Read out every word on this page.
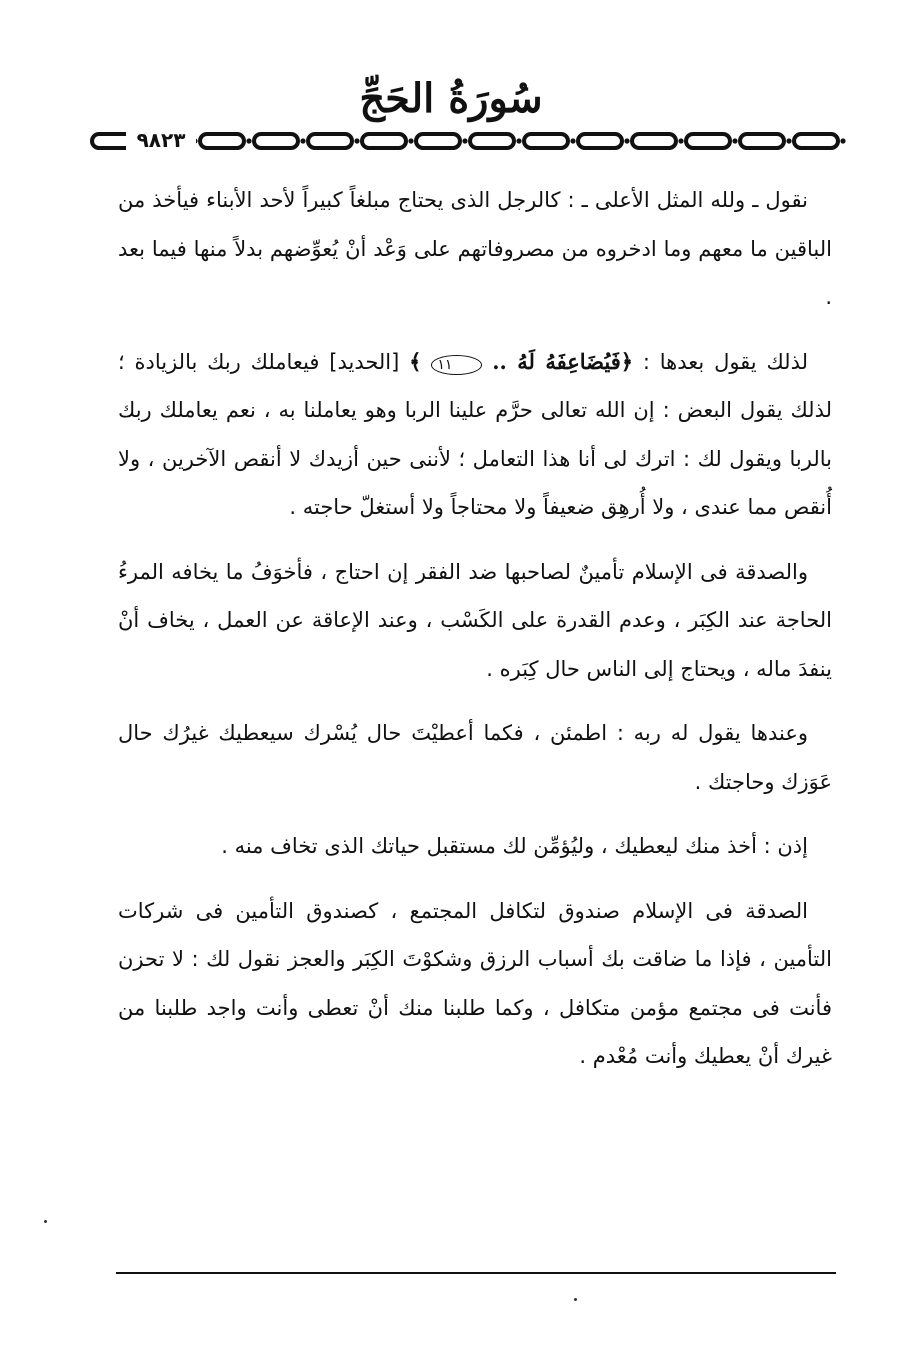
سُورَةُ الحَجِّ
٩٨٢٣

نقول ـ ولله المثل الأعلى ـ : كالرجل الذى يحتاج مبلغاً كبيراً لأحد الأبناء فيأخذ من الباقين ما معهم وما ادخروه من مصروفاتهم على وَعْد أنْ يُعوِّضهم بدلاً منها فيما بعد .

لذلك يقول بعدها : ﴿فَيُضَاعِفَهُ لَهُ .. ١١ ﴾ [الحديد] فيعاملك ربك بالزيادة ؛ لذلك يقول البعض : إن الله تعالى حرَّم علينا الربا وهو يعاملنا به ، نعم يعاملك ربك بالربا ويقول لك : اترك لى أنا هذا التعامل ؛ لأننى حين أزيدك لا أنقص الآخرين ، ولا أُنقص مما عندى ، ولا أُرهِق ضعيفاً ولا محتاجاً ولا أستغلّ حاجته .

والصدقة فى الإسلام تأمينٌ لصاحبها ضد الفقر إن احتاج ، فأخوَفُ ما يخافه المرءُ الحاجة عند الكِبَر ، وعدم القدرة على الكَسْب ، وعند الإعاقة عن العمل ، يخاف أنْ ينفدَ ماله ، ويحتاج إلى الناس حال كِبَره .

وعندها يقول له ربه : اطمئن ، فكما أعطيْتَ حال يُسْرك سيعطيك غيرُك حال عَوَزك وحاجتك .

إذن : أخذ منك ليعطيك ، وليُؤمِّن لك مستقبل حياتك الذى تخاف منه .

الصدقة فى الإسلام صندوق لتكافل المجتمع ، كصندوق التأمين فى شركات التأمين ، فإذا ما ضاقت بك أسباب الرزق وشكوْتَ الكِبَر والعجز نقول لك : لا تحزن فأنت فى مجتمع مؤمن متكافل ، وكما طلبنا منك أنْ تعطى وأنت واجد طلبنا من غيرك أنْ يعطيك وأنت مُعْدم .
